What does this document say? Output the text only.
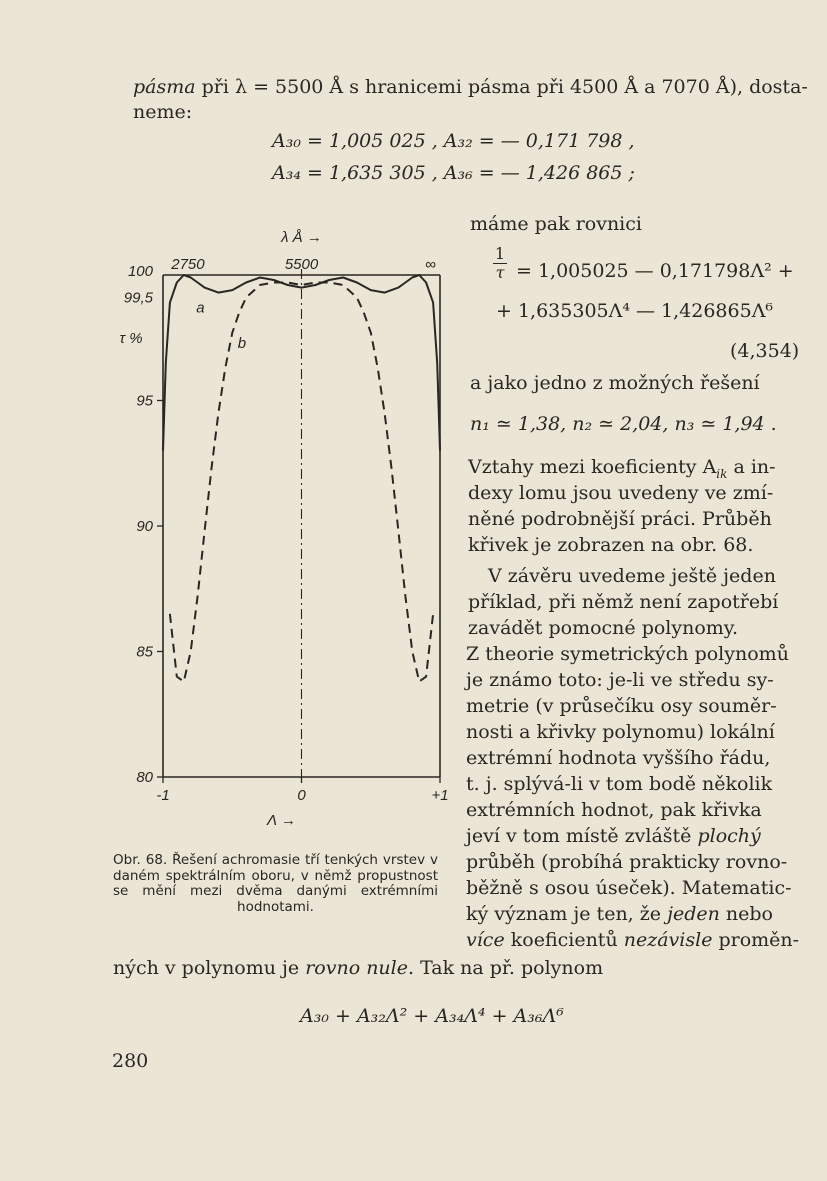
pásma při λ = 5500 Å s hranicemi pásma při 4500 Å a 7070 Å), dosta-
neme:
A₃₀ = 1,005 025 , A₃₂ = — 0,171 798 ,
A₃₄ = 1,635 305 , A₃₆ = — 1,426 865 ;
máme pak rovnici
1
τ = 1,005025 — 0,171798Λ² +
+ 1,635305Λ⁴ — 1,426865Λ⁶
(4,354)
a jako jedno z možných řešení
n₁ ≃ 1,38, n₂ ≃ 2,04, n₃ ≃ 1,94 .
Vztahy mezi koeficienty $A_{ik}$ a in-
dexy lomu jsou uvedeny ve zmí-
něné podrobnější práci. Průběh
křivek je zobrazen na obr. 68.
V závěru uvedeme ještě jeden
příklad, při němž není zapotřebí
zavádět pomocné polynomy.
Z theorie symetrických polynomů
je známo toto: je-li ve středu sy-
metrie (v průsečíku osy souměr-
nosti a křivky polynomu) lokální
extrémní hodnota vyššího řádu,
t. j. splývá-li v tom bodě několik
extrémních hodnot, pak křivka
jeví v tom místě zvláště plochý
průběh (probíhá prakticky rovno-
běžně s osou úseček). Matematic-
ký význam je ten, že jeden nebo
více koeficientů nezávisle proměn-
ných v polynomu je rovno nule. Tak na př. polynom
A₃₀ + A₃₂Λ² + A₃₄Λ⁴ + A₃₆Λ⁶
Obr. 68. Řešení achromasie tří tenkých vrstev v daném spektrálním oboru, v němž propustnost se mění mezi dvěma danými extrémními hodnotami.
280
80
85
90
95
99,5
100
-1	0	+1
2750	5500	∞
λ Å →
τ %
Λ →
a
b
